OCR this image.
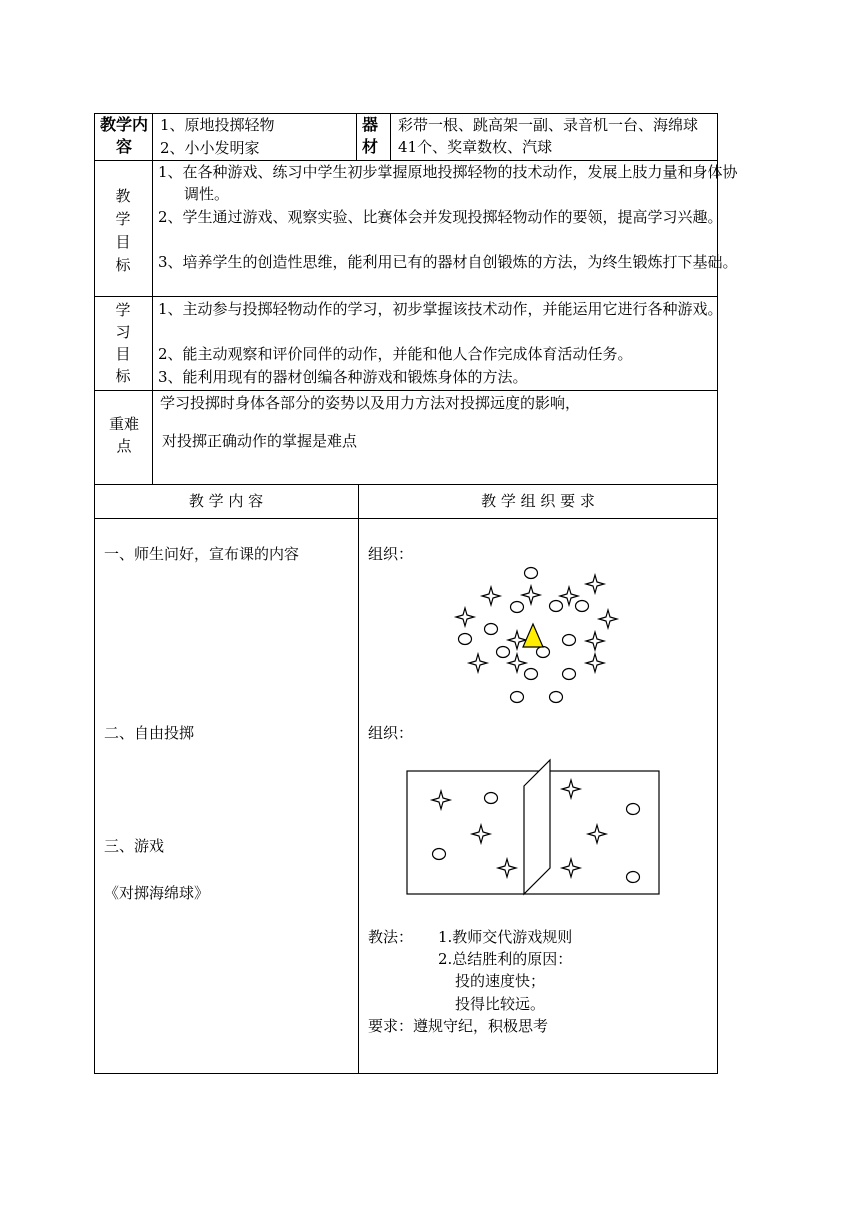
教学内容
1、原地投掷轻物
2、小小发明家
器材
彩带一根、跳高架一副、录音机一台、海绵球41个、奖章数枚、汽球
教学目标
1、在各种游戏、练习中学生初步掌握原地投掷轻物的技术动作，发展上肢力量和身体协调性。
2、学生通过游戏、观察实验、比赛体会并发现投掷轻物动作的要领，提高学习兴趣。
3、培养学生的创造性思维，能利用已有的器材自创锻炼的方法，为终生锻炼打下基础。
学习目标
1、主动参与投掷轻物动作的学习，初步掌握该技术动作，并能运用它进行各种游戏。
2、能主动观察和评价同伴的动作，并能和他人合作完成体育活动任务。
3、能利用现有的器材创编各种游戏和锻炼身体的方法。
重难点
学习投掷时身体各部分的姿势以及用力方法对投掷远度的影响，
对投掷正确动作的掌握是难点
教 学 内 容	教 学 组 织 要 求
一、师生问好，宣布课的内容
二、自由投掷
三、游戏
《对掷海绵球》
组织：
组织：
教法： 1.教师交代游戏规则
2.总结胜利的原因：
投的速度快；
投得比较远。
要求：遵规守纪，积极思考
